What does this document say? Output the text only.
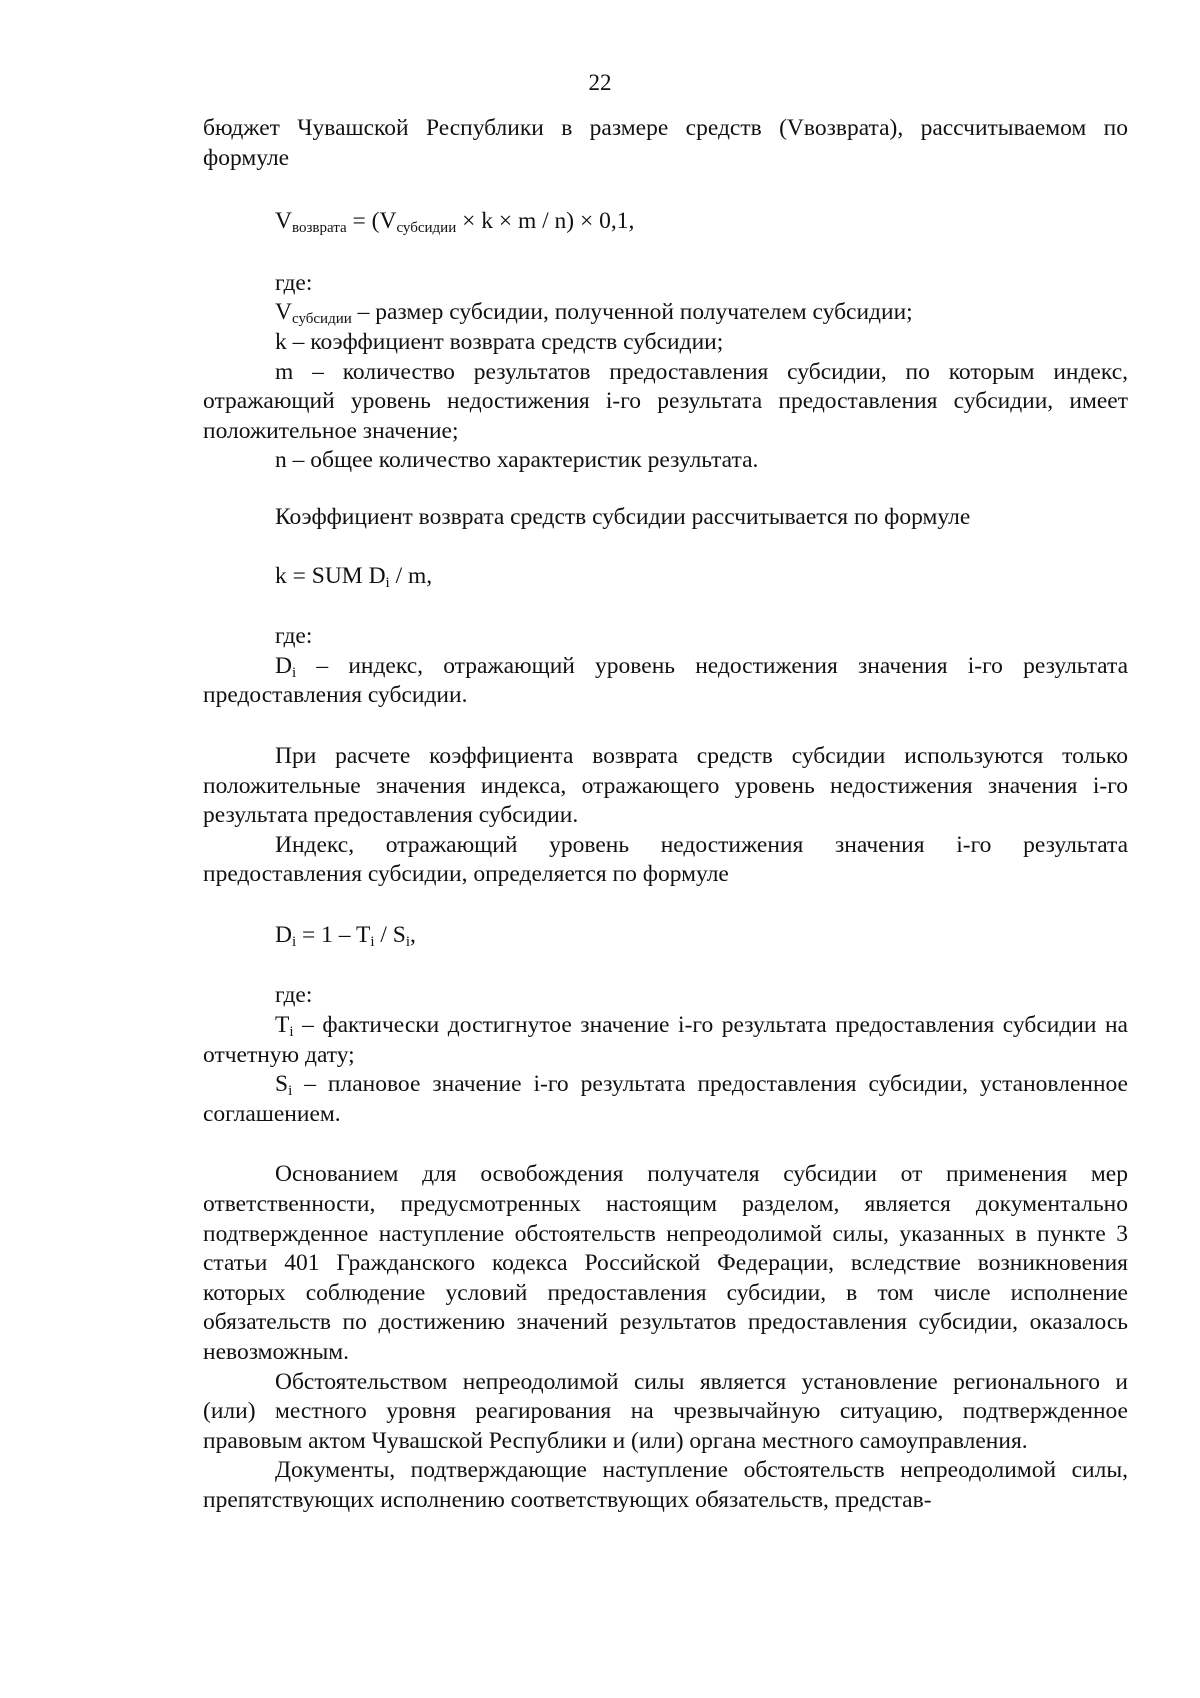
22

бюджет Чувашской Республики в размере средств (Vвозврата), рассчитываемом по формуле

$V_{возврата} = (V_{субсидии} \times k \times m / n) \times 0,1$,

где:

$V_{субсидии}$ – размер субсидии, полученной получателем субсидии;

k – коэффициент возврата средств субсидии;

m – количество результатов предоставления субсидии, по которым индекс, отражающий уровень недостижения i-го результата предоставления субсидии, имеет положительное значение;

n – общее количество характеристик результата.

Коэффициент возврата средств субсидии рассчитывается по формуле

k = SUM $D_i$ / m,

где:

$D_i$ – индекс, отражающий уровень недостижения значения i-го результата предоставления субсидии.

При расчете коэффициента возврата средств субсидии используются только положительные значения индекса, отражающего уровень недостижения значения i-го результата предоставления субсидии.

Индекс, отражающий уровень недостижения значения i-го результата предоставления субсидии, определяется по формулe

$D_i = 1 - T_i / S_i$,

где:

$T_i$ – фактически достигнутое значение i-го результата предоставления субсидии на отчетную дату;

$S_i$ – плановое значение i-го результата предоставления субсидии, установленное соглашением.

Основанием для освобождения получателя субсидии от применения мер ответственности, предусмотренных настоящим разделом, является документально подтвержденное наступление обстоятельств непреодолимой силы, указанных в пункте 3 статьи 401 Гражданского кодекса Российской Федерации, вследствие возникновения которых соблюдение условий предоставления субсидии, в том числе исполнение обязательств по достижению значений результатов предоставления субсидии, оказалось невозможным.

Обстоятельством непреодолимой силы является установление регионального и (или) местного уровня реагирования на чрезвычайную ситуацию, подтвержденное правовым актом Чувашской Республики и (или) органа местного самоуправления.

Документы, подтверждающие наступление обстоятельств непреодолимой силы, препятствующих исполнению соответствующих обязательств, представ-
